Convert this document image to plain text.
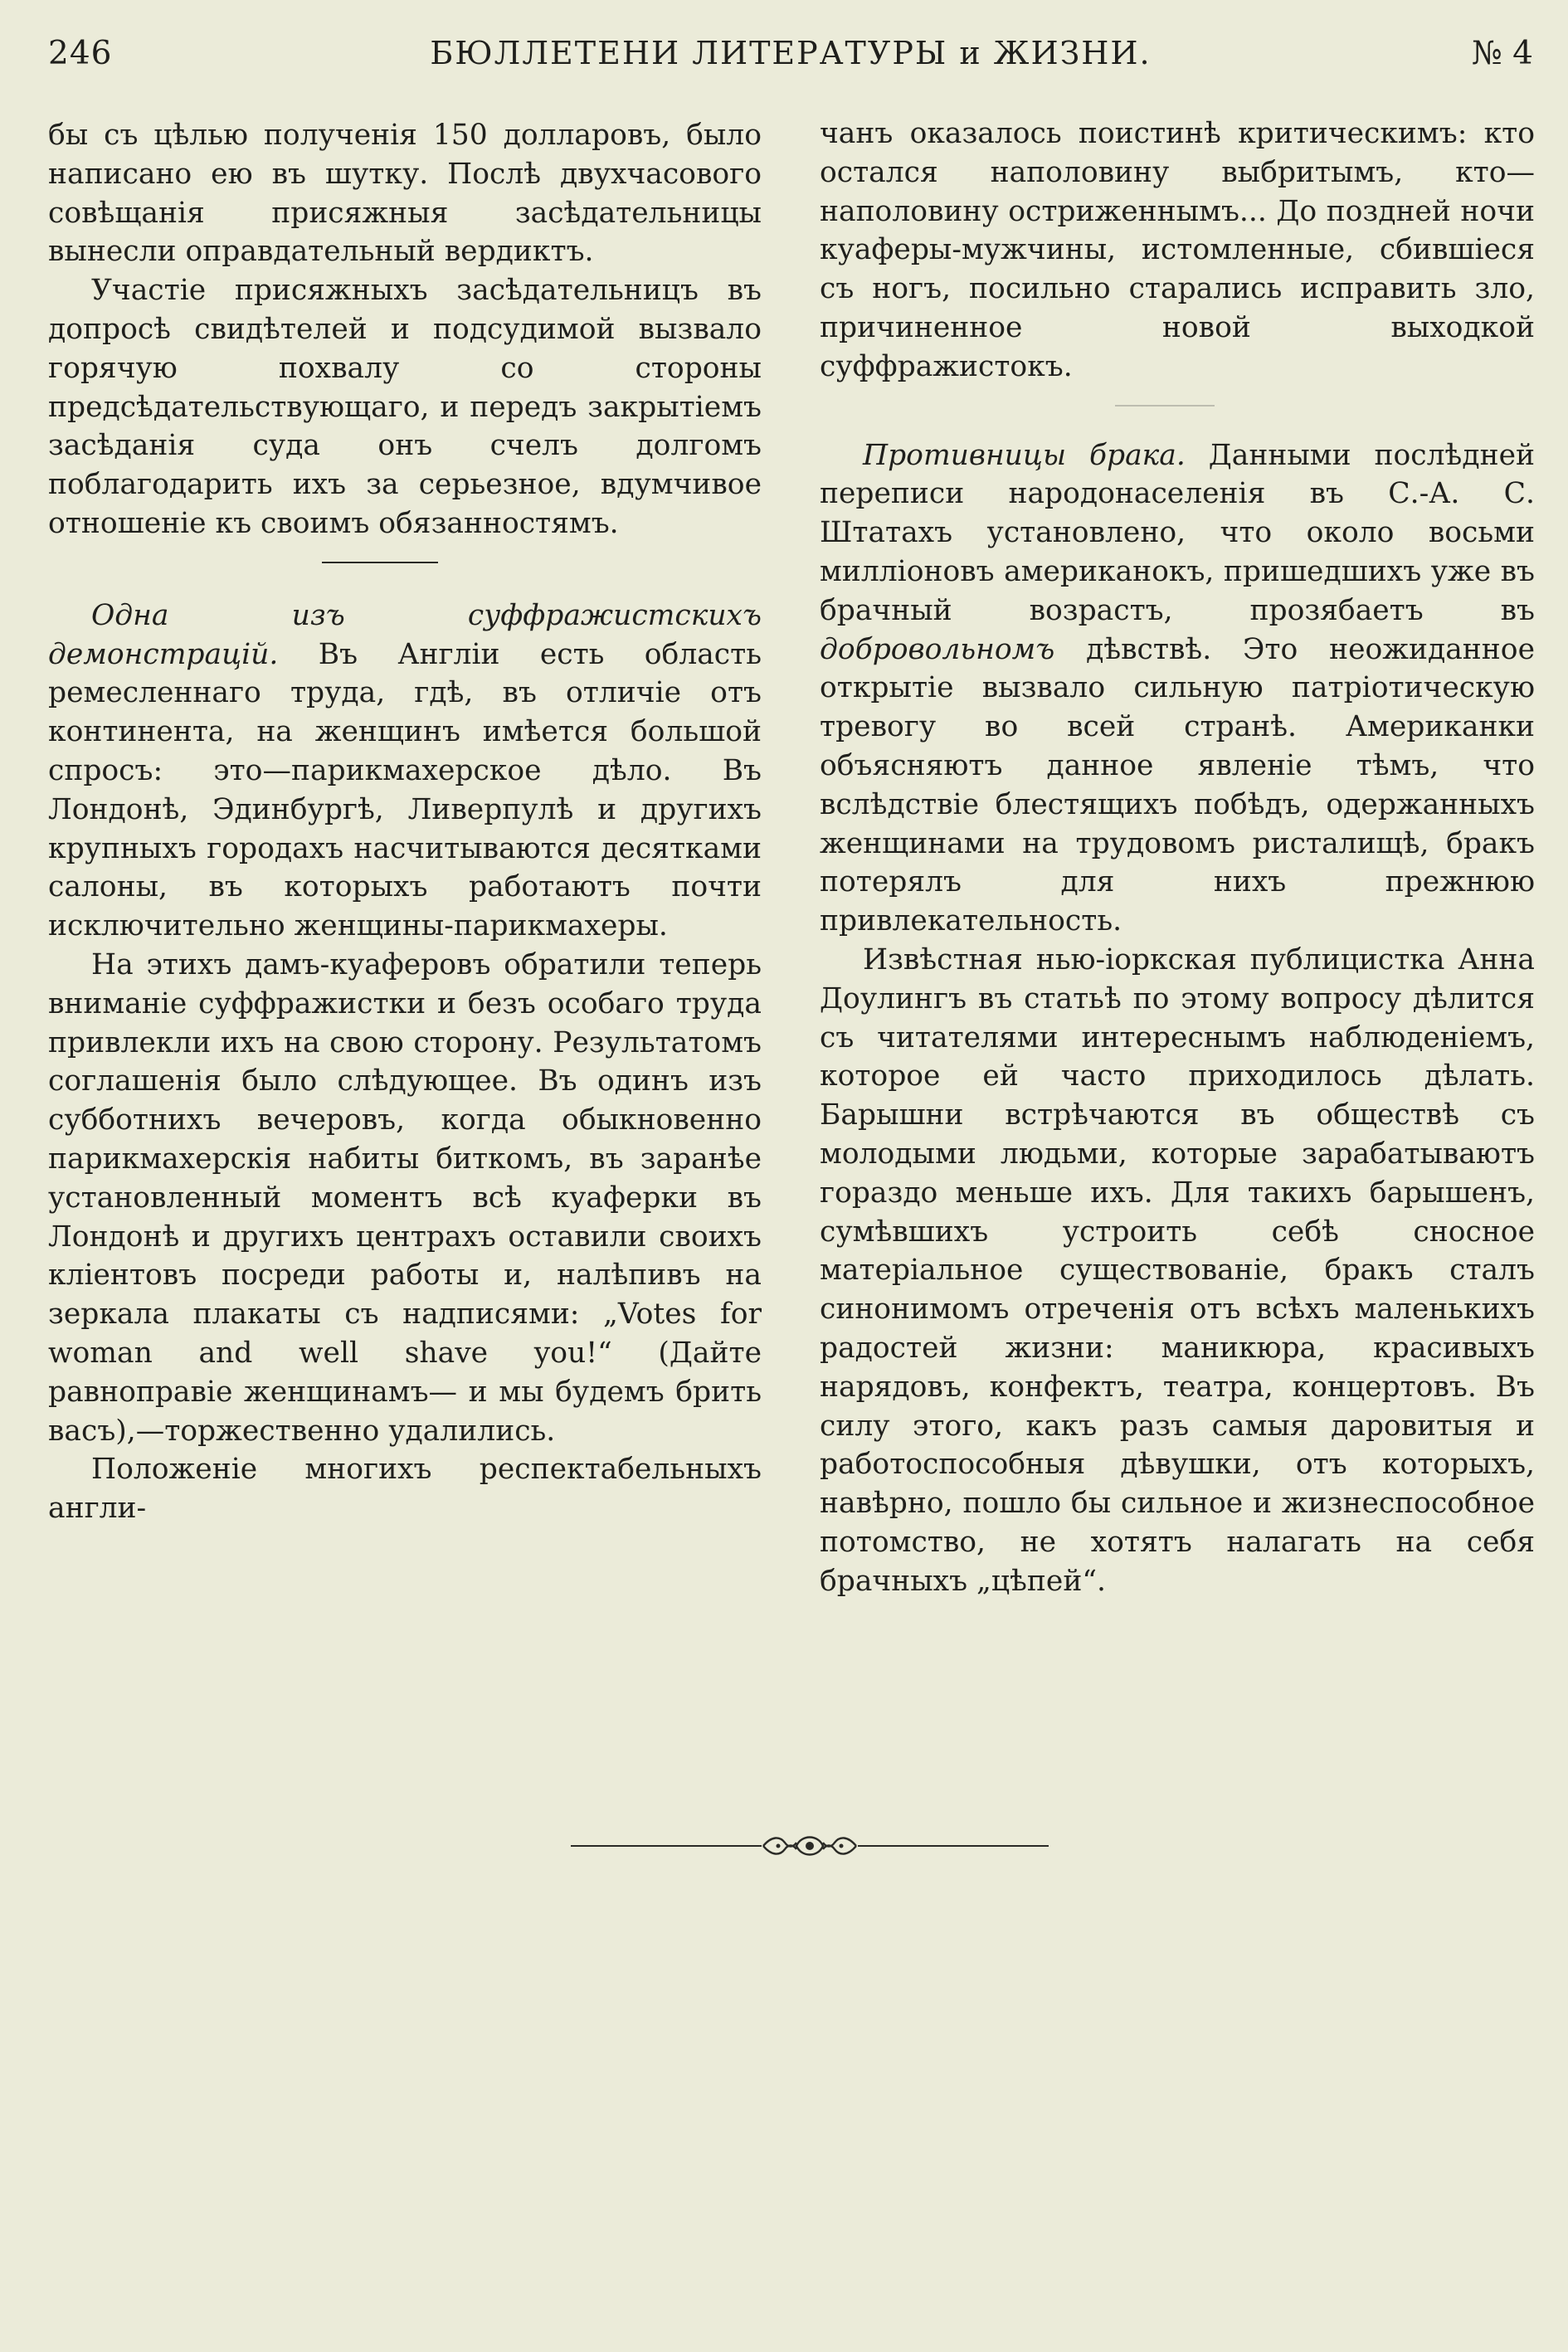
246	БЮЛЛЕТЕНИ ЛИТЕРАТУРЫ и ЖИЗНИ.	№ 4

бы съ цѣлью полученія 150 долларовъ, было написано ею въ шутку. Послѣ двухчасового совѣщанія присяжныя засѣдательницы вынесли оправдательный вердиктъ.

Участіе присяжныхъ засѣдательницъ въ допросѣ свидѣтелей и подсудимой вызвало горячую похвалу со стороны предсѣдательствующаго, и передъ закрытіемъ засѣданія суда онъ счелъ долгомъ поблагодарить ихъ за серьезное, вдумчивое отношеніе къ своимъ обязанностямъ.

Одна изъ суффражистскихъ демонстрацій. Въ Англіи есть область ремесленнаго труда, гдѣ, въ отличіе отъ континента, на женщинъ имѣется большой спросъ: это—парикмахерское дѣло. Въ Лондонѣ, Эдинбургѣ, Ливерпулѣ и другихъ крупныхъ городахъ насчитываются десятками салоны, въ которыхъ работаютъ почти исключительно женщины-парикмахеры.

На этихъ дамъ-куаферовъ обратили теперь вниманіе суффражистки и безъ особаго труда привлекли ихъ на свою сторону. Результатомъ соглашенія было слѣдующее. Въ одинъ изъ субботнихъ вечеровъ, когда обыкновенно парикмахерскія набиты биткомъ, въ заранѣе установленный моментъ всѣ куаферки въ Лондонѣ и другихъ центрахъ оставили своихъ кліентовъ посреди работы и, налѣпивъ на зеркала плакаты съ надписями: „Votes for woman and well shave you!“ (Дайте равноправіе женщинамъ— и мы будемъ брить васъ),—торжественно удалились.

Положеніе многихъ респектабельныхъ англи-

чанъ оказалось поистинѣ критическимъ: кто остался наполовину выбритымъ, кто—наполовину остриженнымъ... До поздней ночи куаферы-мужчины, истомленные, сбившіеся съ ногъ, посильно старались исправить зло, причиненное новой выходкой суффражистокъ.

Противницы брака. Данными послѣдней переписи народонаселенія въ С.-А. С. Штатахъ установлено, что около восьми милліоновъ американокъ, пришедшихъ уже въ брачный возрастъ, прозябаетъ въ добровольномъ дѣвствѣ. Это неожиданное открытіе вызвало сильную патріотическую тревогу во всей странѣ. Американки объясняютъ данное явленіе тѣмъ, что вслѣдствіе блестящихъ побѣдъ, одержанныхъ женщинами на трудовомъ ристалищѣ, бракъ потерялъ для нихъ прежнюю привлекательность.

Извѣстная нью-іоркская публицистка Анна Доулингъ въ статьѣ по этому вопросу дѣлится съ читателями интереснымъ наблюденіемъ, которое ей часто приходилось дѣлать. Барышни встрѣчаются въ обществѣ съ молодыми людьми, которые зарабатываютъ гораздо меньше ихъ. Для такихъ барышенъ, сумѣвшихъ устроить себѣ сносное матеріальное существованіе, бракъ сталъ синонимомъ отреченія отъ всѣхъ маленькихъ радостей жизни: маникюра, красивыхъ нарядовъ, конфектъ, театра, концертовъ. Въ силу этого, какъ разъ самыя даровитыя и работоспособныя дѣвушки, отъ которыхъ, навѣрно, пошло бы сильное и жизнеспособное потомство, не хотятъ налагать на себя брачныхъ „цѣпей“.
